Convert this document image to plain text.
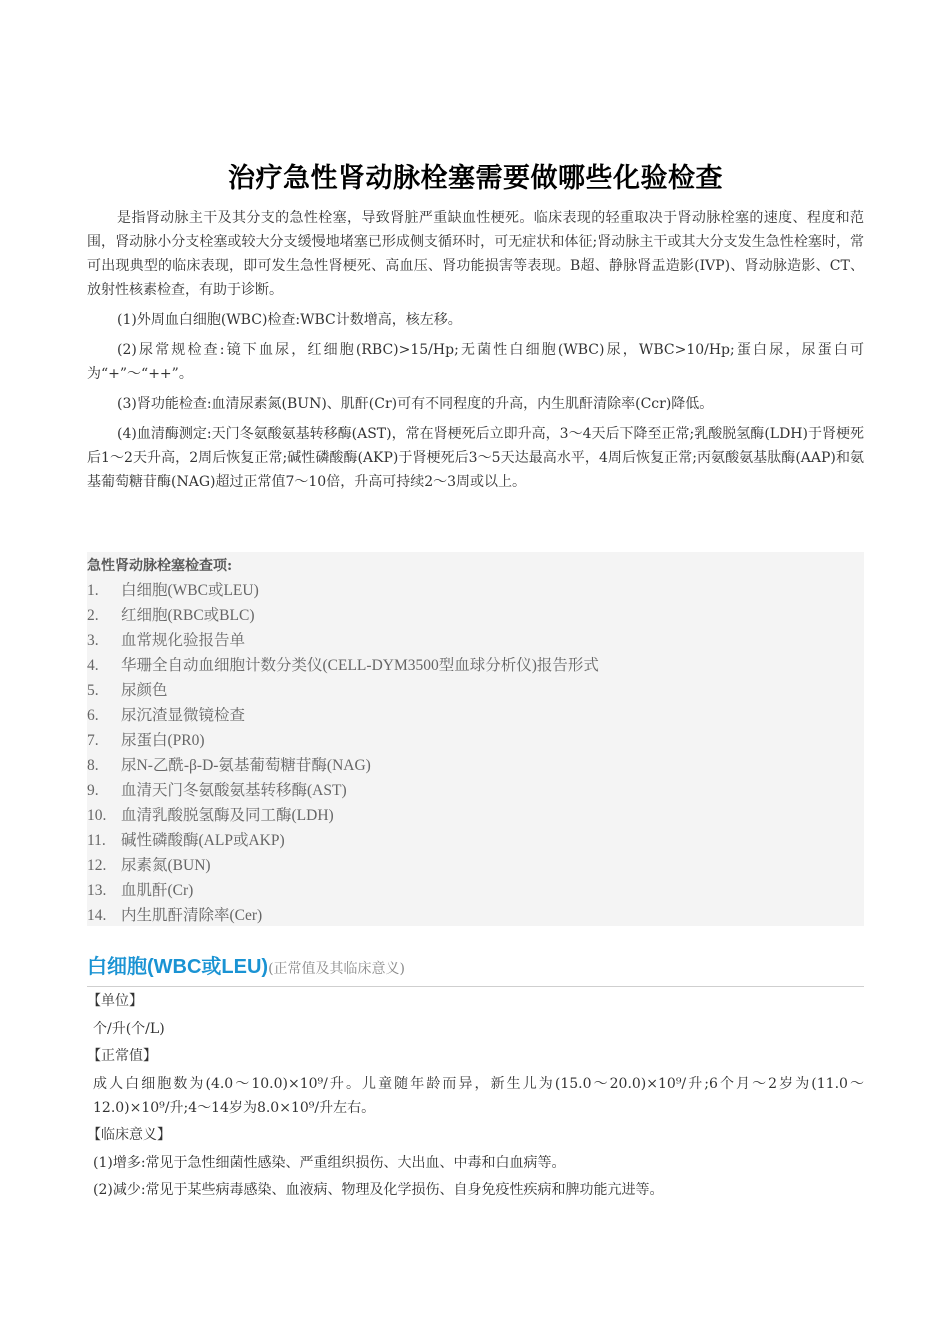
治疗急性肾动脉栓塞需要做哪些化验检查

是指肾动脉主干及其分支的急性栓塞，导致肾脏严重缺血性梗死。临床表现的轻重取决于肾动脉栓塞的速度、程度和范围，肾动脉小分支栓塞或较大分支缓慢地堵塞已形成侧支循环时，可无症状和体征;肾动脉主干或其大分支发生急性栓塞时，常可出现典型的临床表现，即可发生急性肾梗死、高血压、肾功能损害等表现。B超、静脉肾盂造影(IVP)、肾动脉造影、CT、放射性核素检查，有助于诊断。

(1)外周血白细胞(WBC)检查:WBC计数增高，核左移。

(2)尿常规检查:镜下血尿，红细胞(RBC)>15/Hp;无菌性白细胞(WBC)尿，WBC>10/Hp;蛋白尿，尿蛋白可为“+”～“++”。

(3)肾功能检查:血清尿素氮(BUN)、肌酐(Cr)可有不同程度的升高，内生肌酐清除率(Ccr)降低。

(4)血清酶测定:天门冬氨酸氨基转移酶(AST)，常在肾梗死后立即升高，3～4天后下降至正常;乳酸脱氢酶(LDH)于肾梗死后1～2天升高，2周后恢复正常;碱性磷酸酶(AKP)于肾梗死后3～5天达最高水平，4周后恢复正常;丙氨酸氨基肽酶(AAP)和氨基葡萄糖苷酶(NAG)超过正常值7～10倍，升高可持续2～3周或以上。

急性肾动脉栓塞检查项:
1. 白细胞(WBC或LEU)
2. 红细胞(RBC或BLC)
3. 血常规化验报告单
4. 华珊全自动血细胞计数分类仪(CELL-DYM3500型血球分析仪)报告形式
5. 尿颜色
6. 尿沉渣显微镜检查
7. 尿蛋白(PR0)
8. 尿N-乙酰-β-D-氨基葡萄糖苷酶(NAG)
9. 血清天门冬氨酸氨基转移酶(AST)
10. 血清乳酸脱氢酶及同工酶(LDH)
11. 碱性磷酸酶(ALP或AKP)
12. 尿素氮(BUN)
13. 血肌酐(Cr)
14. 内生肌酐清除率(Cer)
白细胞(WBC或LEU)(正常值及其临床意义)
【单位】
个/升(个/L)
【正常值】
成人白细胞数为(4.0～10.0)×10⁹/升。儿童随年龄而异，新生儿为(15.0～20.0)×10⁹/升;6个月～2岁为(11.0～12.0)×10⁹/升;4～14岁为8.0×10⁹/升左右。
【临床意义】
(1)增多:常见于急性细菌性感染、严重组织损伤、大出血、中毒和白血病等。
(2)减少:常见于某些病毒感染、血液病、物理及化学损伤、自身免疫性疾病和脾功能亢进等。
